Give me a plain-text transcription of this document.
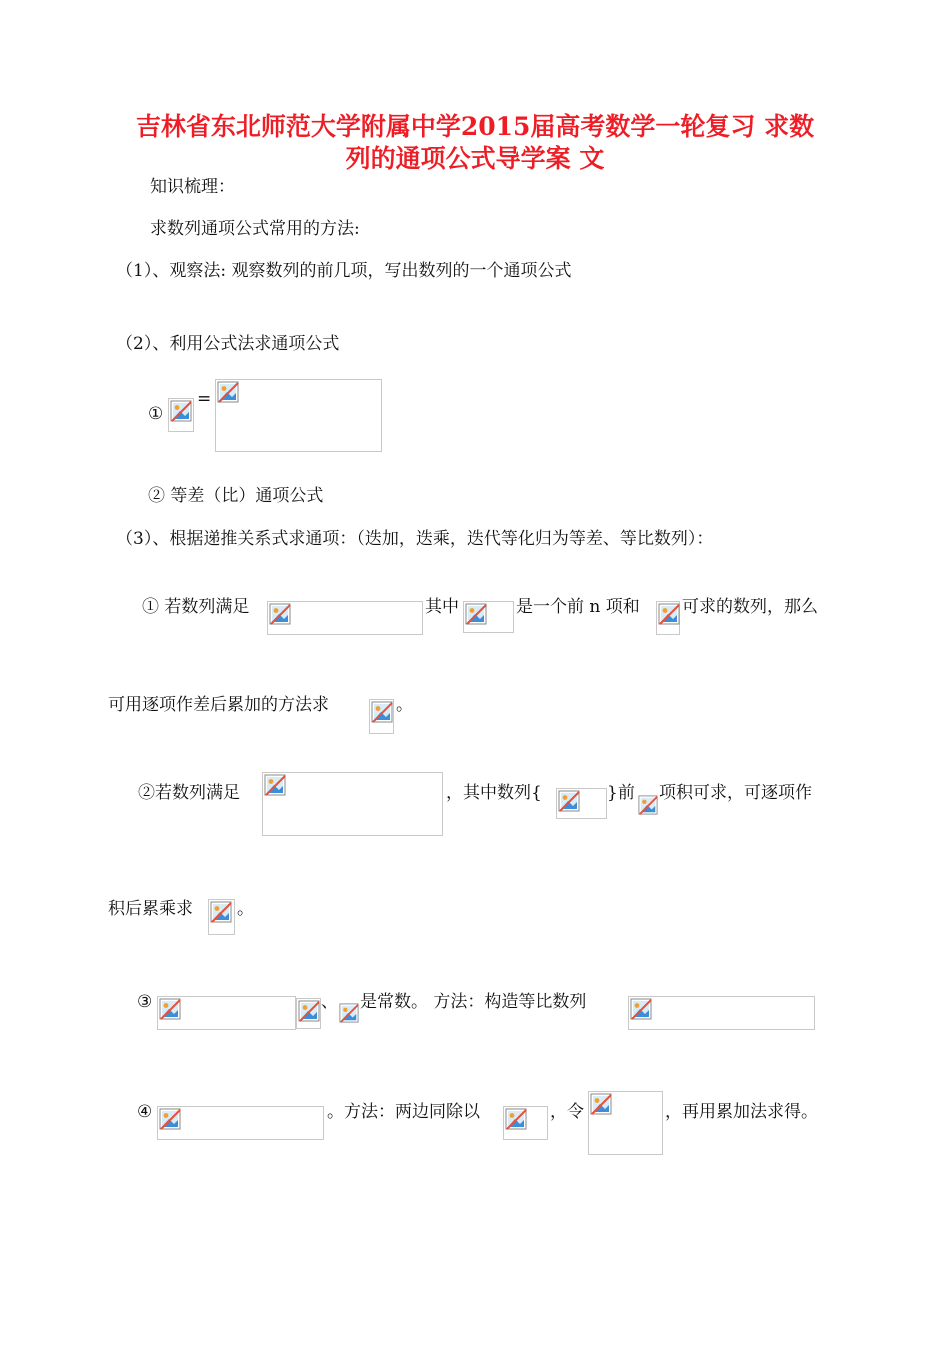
吉林省东北师范大学附属中学2015届高考数学一轮复习 求数
列的通项公式导学案 文
知识梳理：
求数列通项公式常用的方法:
（1）、观察法: 观察数列的前几项，写出数列的一个通项公式
（2）、利用公式法求通项公式
①
=
② 等差（比）通项公式
（3）、根据递推关系式求通项：（迭加，迭乘，迭代等化归为等差、等比数列）：
① 若数列满足	其中	是一个前 n 项和 可求的数列，那么
可用逐项作差后累加的方法求	。
②若数列满足	，其中数列{	}前 项积可求，可逐项作
积后累乘求	。
③	、 是常数。 方法：构造等比数列
④	。方法：两边同除以	，令	，再用累加法求得。
